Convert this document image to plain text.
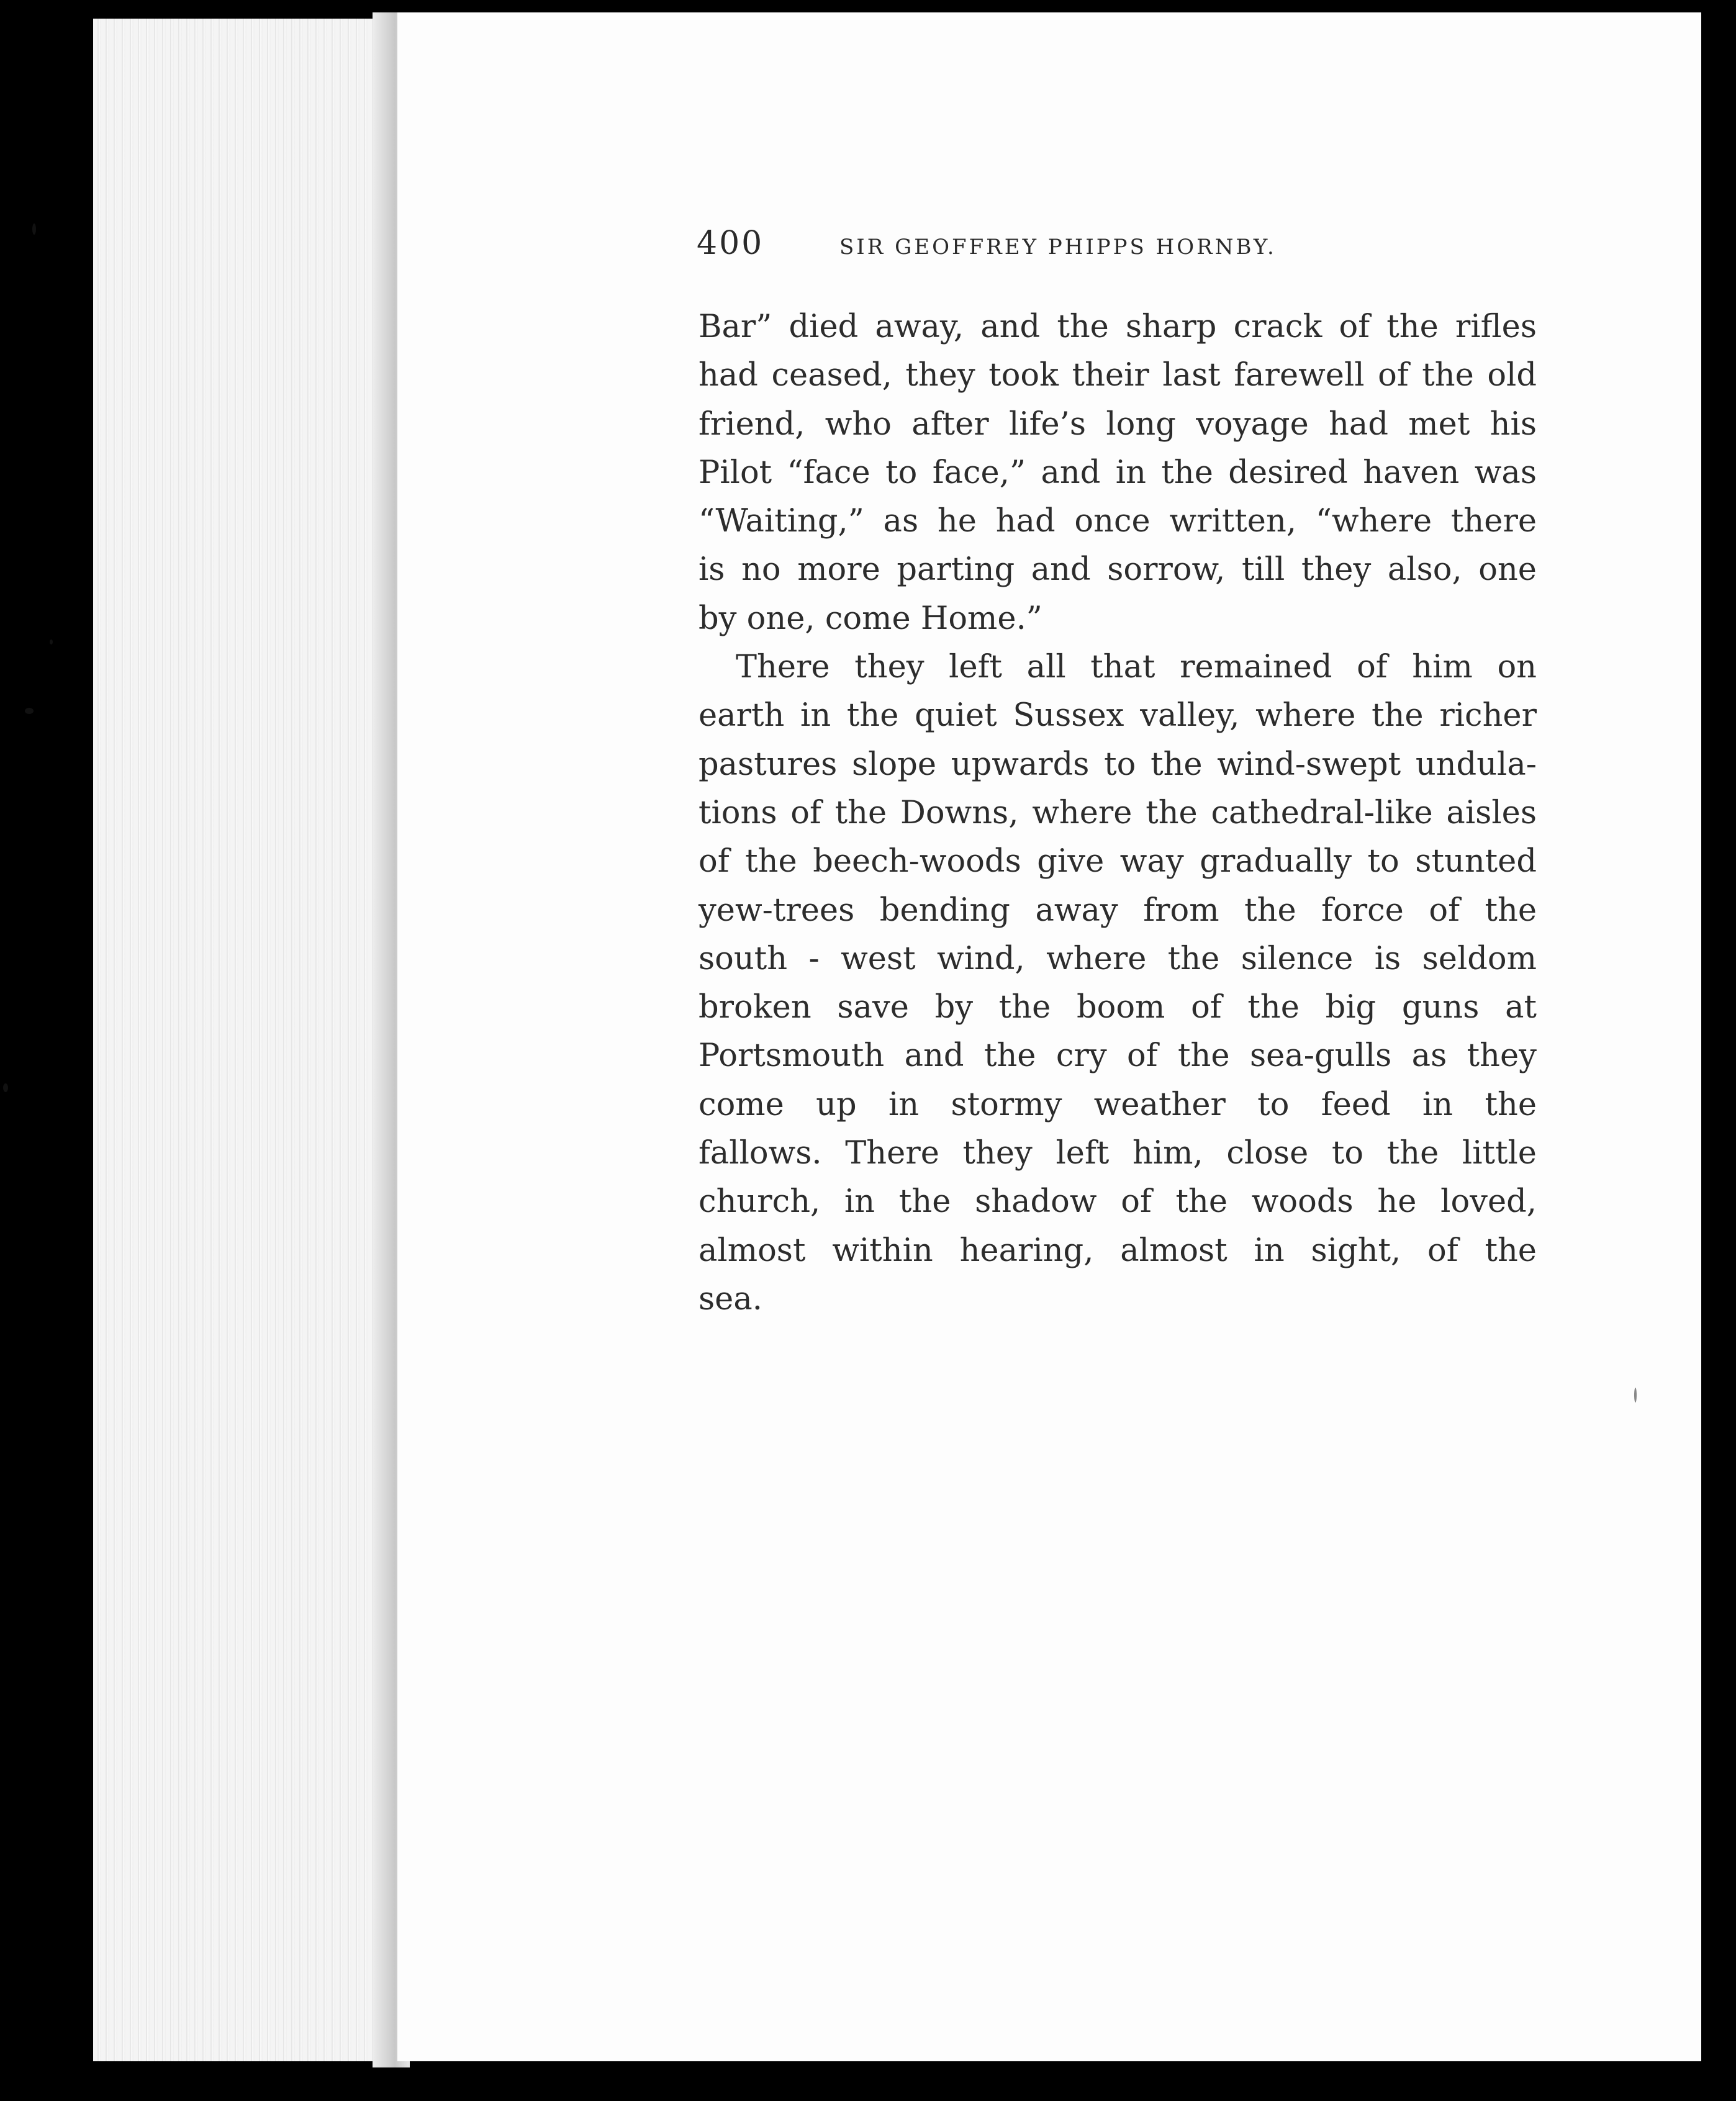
400	SIR GEOFFREY PHIPPS HORNBY.
Bar” died away, and the sharp crack of the rifles
had ceased, they took their last farewell of the old
friend, who after life’s long voyage had met his
Pilot “face to face,” and in the desired haven was
“Waiting,” as he had once written, “where there
is no more parting and sorrow, till they also, one
by one, come Home.”
There they left all that remained of him on
earth in the quiet Sussex valley, where the richer
pastures slope upwards to the wind-swept undula-
tions of the Downs, where the cathedral-like aisles
of the beech-woods give way gradually to stunted
yew-trees bending away from the force of the
south - west wind, where the silence is seldom
broken save by the boom of the big guns at
Portsmouth and the cry of the sea-gulls as they
come up in stormy weather to feed in the
fallows. There they left him, close to the little
church, in the shadow of the woods he loved,
almost within hearing, almost in sight, of the
sea.
